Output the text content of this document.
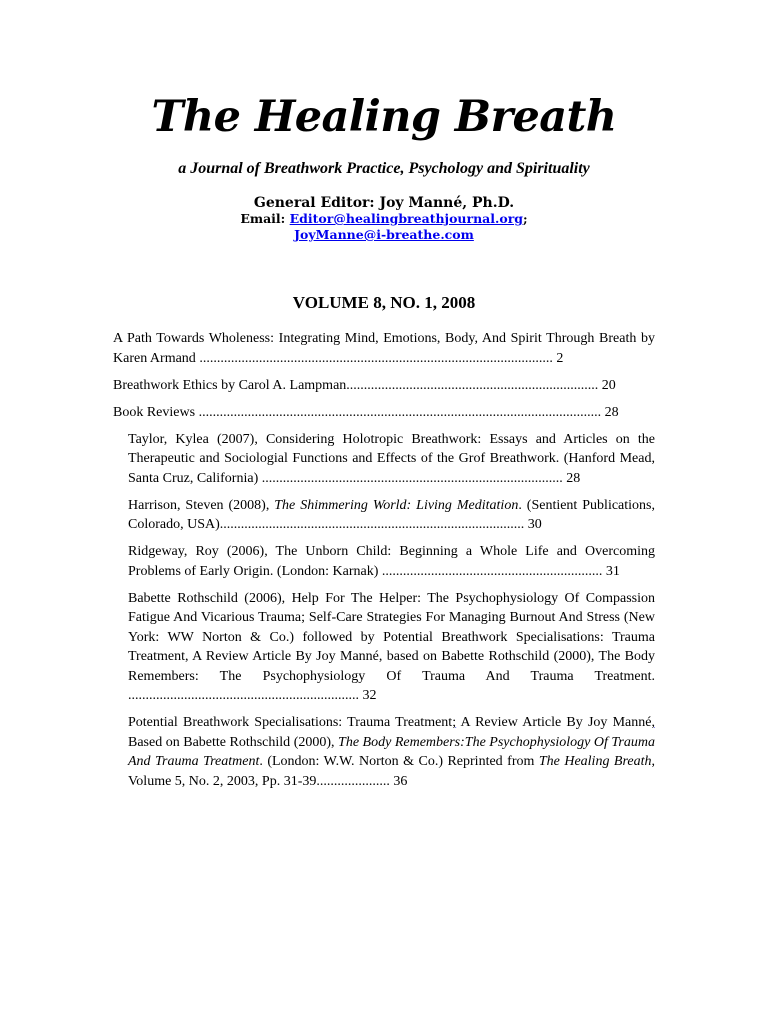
The Healing Breath
a Journal of Breathwork Practice, Psychology and Spirituality
General Editor: Joy Manné, Ph.D.
Email: Editor@healingbreathjournal.org;
JoyManne@i-breathe.com
VOLUME 8, NO. 1, 2008

A Path Towards Wholeness: Integrating Mind, Emotions, Body, And Spirit Through Breath by Karen Armand ..................................................................................................... 2

Breathwork Ethics by Carol A. Lampman........................................................................ 20

Book Reviews ................................................................................................................... 28

Taylor, Kylea (2007), Considering Holotropic Breathwork: Essays and Articles on the Therapeutic and Sociologial Functions and Effects of the Grof Breathwork. (Hanford Mead, Santa Cruz, California) ...................................................................................... 28

Harrison, Steven (2008), The Shimmering World: Living Meditation. (Sentient Publications, Colorado, USA)....................................................................................... 30

Ridgeway, Roy (2006), The Unborn Child: Beginning a Whole Life and Overcoming Problems of Early Origin. (London: Karnak) ............................................................... 31

Babette Rothschild (2006), Help For The Helper: The Psychophysiology Of Compassion Fatigue And Vicarious Trauma; Self-Care Strategies For Managing Burnout And Stress (New York: WW Norton & Co.) followed by Potential Breathwork Specialisations: Trauma Treatment, A Review Article By Joy Manné, based on Babette Rothschild (2000), The Body Remembers: The Psychophysiology Of Trauma And Trauma Treatment. .................................................................. 32

Potential Breathwork Specialisations: Trauma Treatment; A Review Article By Joy Manné, Based on Babette Rothschild (2000), The Body Remembers:The Psychophysiology Of Trauma And Trauma Treatment. (London: W.W. Norton & Co.) Reprinted from The Healing Breath, Volume 5, No. 2, 2003, Pp. 31-39..................... 36
